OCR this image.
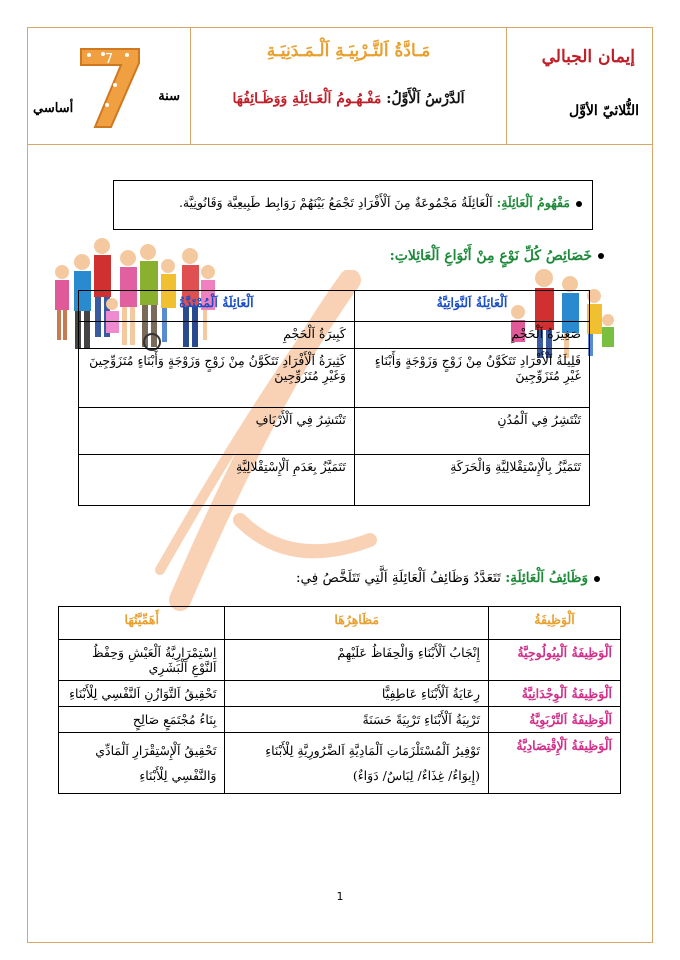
إيمان الجبالي
الثُّلاثيّ الأوَّل
مَـادَّةُ اَلتَّـرْبِيَـةِ اَلْـمَـدَنِيَـةِ
اَلدَّرْسُ اَلْأَوَّلُ: مَفْـهُـومُ اَلْعَـائِلَةِ وَوَظَـائِفُهَا
سنة
7
أساسي
مَفْهُومُ اَلْعَائِلَةِ: اَلْعَائِلَةُ مَجْمُوعَةٌ مِنَ اَلْأَفْرَادِ تَجْمَعُ بَيْنَهُمْ رَوَابِط طَبِيعِيَّة وَقَانُونِيَّة.
خَصَائِصُ كُلِّ نَوْعٍ مِنْ أَنْوَاعِ اَلْعَائِلاتِ:
اَلْعَائِلَةُ اَلنَّوَاتِيَّةُ	اَلْعَائِلَةُ اَلْمُمْتَدَّةُ
صَغِيرَةُ اَلْحَجْمِ	كَبِيرَةُ اَلْحَجْمِ
قَلِيلَةُ اَلْأَفْرَادِ تَتَكَوَّنُ مِنْ زَوْجٍ وَزَوْجَةٍ وَأَبْنَاءٍ غَيْرِ مُتَزَوِّجِينَ	كَثِيرَةُ اَلْأَفْرَادِ تَتَكَوَّنُ مِنْ زَوْجٍ وَزَوْجَةٍ وَأَبْنَاءٍ مُتَزَوِّجِينَ وَغَيْرِ مُتَزَوِّجِينَ
تَنْتَشِرُ فِي اَلْمُدُنِ	تَنْتَشِرُ فِي اَلْأَرْيَافِ
تَتَمَيَّزُ بِالْإِسْتِقْلالِيَّةِ وَالْحَرَكَةِ	تَتَمَيَّزُ بِعَدَمِ اَلْإِسْتِقْلالِيَّةِ
وَظَائِفُ اَلْعَائِلَةِ: تَتَعَدَّدُ وَظَائِفُ اَلْعَائِلَةِ اَلَّتِي تَتَلَخَّصُ فِي:
اَلْوَظِيفَةُ	مَظَاهِرُهَا	أَهَمِّيَّتُهَا
اَلْوَظِيفَةُ اَلْبِيُولُوجِيَّةُ	إِنْجَابُ اَلْأَبْنَاءِ وَالْحِفَاظُ عَلَيْهِمْ	اِسْتِمْرَارِيَّةُ اَلْعَيْشِ وَحِفْظُ اَلنَّوْعِ اَلْبَشَرِي
اَلْوَظِيفَةُ اَلْوِجْدَانِيَّةُ	رِعَايَةُ اَلْأَبْنَاءِ عَاطِفِيًّا	تَحْقِيقُ اَلتَّوَازُنِ اَلنَّفْسِي لِلْأَبْنَاءِ
اَلْوَظِيفَةُ اَلتَّرْبَوِيَّةُ	تَرْبِيَةُ اَلْأَبْنَاءِ تَرْبِيَةً حَسَنَةً	بِنَاءُ مُجْتَمَعٍ صَالِحٍ
اَلْوَظِيفَةُ اَلْإِقْتِصَادِيَّةُ	تَوْفِيرُ اَلْمُسْتَلْزَمَاتِ اَلْمَادِيَّةِ اَلضَّرُورِيَّةِ لِلْأَبْنَاءِ (إِيوَاءٌ/ غِذَاءٌ/ لِبَاسٌ/ دَوَاءٌ)	تَحْقِيقُ اَلْإِسْتِقْرَارِ اَلْمَادِّي وَالنَّفْسِي لِلْأَبْنَاءِ
1
